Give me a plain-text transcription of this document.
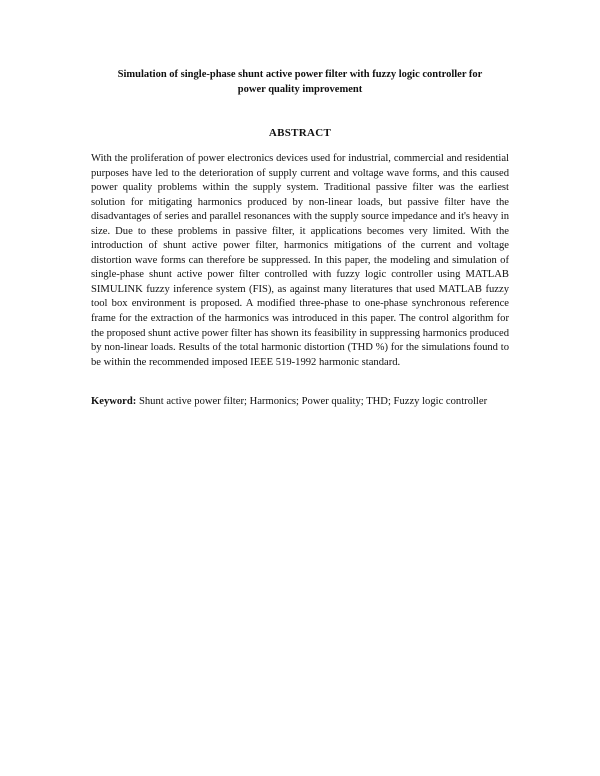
Simulation of single-phase shunt active power filter with fuzzy logic controller for
power quality improvement
ABSTRACT

With the proliferation of power electronics devices used for industrial, commercial and residential purposes have led to the deterioration of supply current and voltage wave forms, and this caused power quality problems within the supply system. Traditional passive filter was the earliest solution for mitigating harmonics produced by non-linear loads, but passive filter have the disadvantages of series and parallel resonances with the supply source impedance and it's heavy in size. Due to these problems in passive filter, it applications becomes very limited. With the introduction of shunt active power filter, harmonics mitigations of the current and voltage distortion wave forms can therefore be suppressed. In this paper, the modeling and simulation of single-phase shunt active power filter controlled with fuzzy logic controller using MATLAB SIMULINK fuzzy inference system (FIS), as against many literatures that used MATLAB fuzzy tool box environment is proposed. A modified three-phase to one-phase synchronous reference frame for the extraction of the harmonics was introduced in this paper. The control algorithm for the proposed shunt active power filter has shown its feasibility in suppressing harmonics produced by non-linear loads. Results of the total harmonic distortion (THD %) for the simulations found to be within the recommended imposed IEEE 519-1992 harmonic standard.

Keyword: Shunt active power filter; Harmonics; Power quality; THD; Fuzzy logic controller
